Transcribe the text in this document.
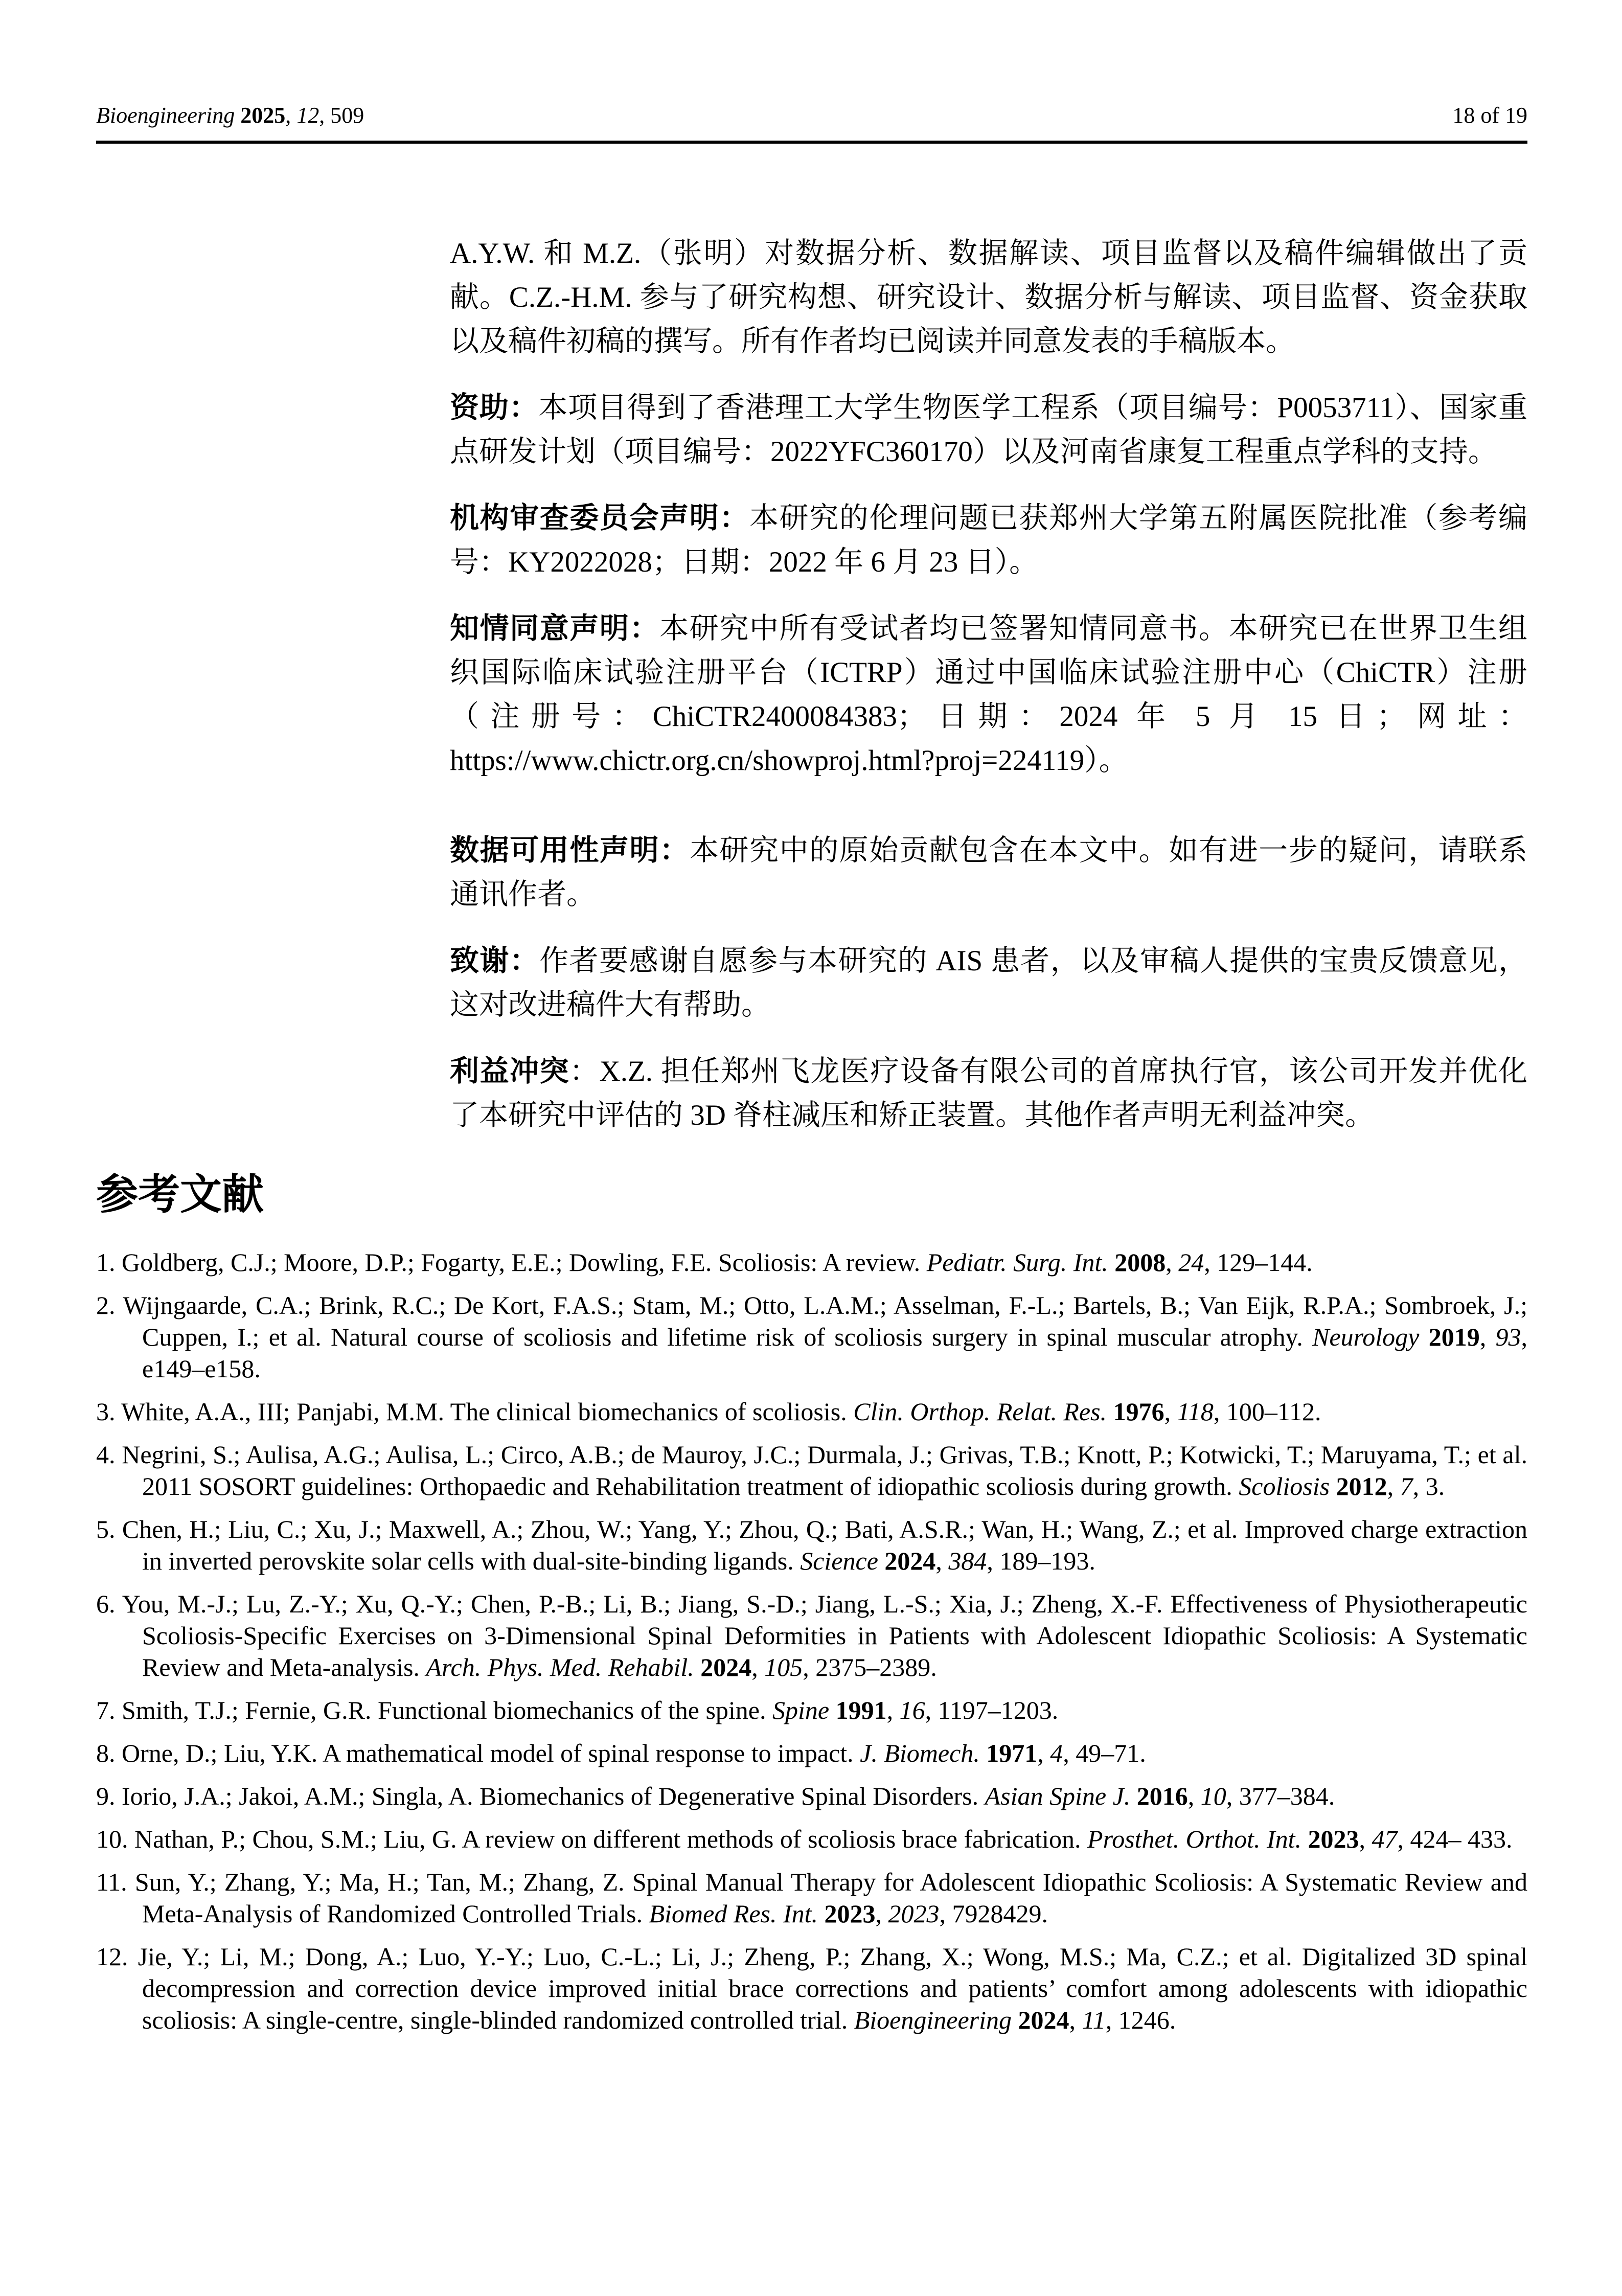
Bioengineering 2025, 12, 509	18 of 19

A.Y.W. 和 M.Z.（张明）对数据分析、数据解读、项目监督以及稿件编辑做出了贡献。C.Z.-H.M. 参与了研究构想、研究设计、数据分析与解读、项目监督、资金获取以及稿件初稿的撰写。所有作者均已阅读并同意发表的手稿版本。

资助：本项目得到了香港理工大学生物医学工程系（项目编号：P0053711）、国家重点研发计划（项目编号：2022YFC360170）以及河南省康复工程重点学科的支持。

机构审查委员会声明：本研究的伦理问题已获郑州大学第五附属医院批准（参考编号：KY2022028；日期：2022 年 6 月 23 日）。

知情同意声明：本研究中所有受试者均已签署知情同意书。本研究已在世界卫生组织国际临床试验注册平台（ICTRP）通过中国临床试验注册中心（ChiCTR）注册（注册号：ChiCTR2400084383；日期：2024 年 5 月 15 日；网址：https://www.chictr.org.cn/showproj.html?proj=224119）。

数据可用性声明：本研究中的原始贡献包含在本文中。如有进一步的疑问，请联系通讯作者。

致谢：作者要感谢自愿参与本研究的 AIS 患者，以及审稿人提供的宝贵反馈意见，这对改进稿件大有帮助。

利益冲突：X.Z. 担任郑州飞龙医疗设备有限公司的首席执行官，该公司开发并优化了本研究中评估的 3D 脊柱减压和矫正装置。其他作者声明无利益冲突。

参考文献
1. Goldberg, C.J.; Moore, D.P.; Fogarty, E.E.; Dowling, F.E. Scoliosis: A review. Pediatr. Surg. Int. 2008, 24, 129–144.
2. Wijngaarde, C.A.; Brink, R.C.; De Kort, F.A.S.; Stam, M.; Otto, L.A.M.; Asselman, F.-L.; Bartels, B.; Van Eijk, R.P.A.; Sombroek, J.; Cuppen, I.; et al. Natural course of scoliosis and lifetime risk of scoliosis surgery in spinal muscular atrophy. Neurology 2019, 93, e149–e158.
3. White, A.A., III; Panjabi, M.M. The clinical biomechanics of scoliosis. Clin. Orthop. Relat. Res. 1976, 118, 100–112.
4. Negrini, S.; Aulisa, A.G.; Aulisa, L.; Circo, A.B.; de Mauroy, J.C.; Durmala, J.; Grivas, T.B.; Knott, P.; Kotwicki, T.; Maruyama, T.; et al. 2011 SOSORT guidelines: Orthopaedic and Rehabilitation treatment of idiopathic scoliosis during growth. Scoliosis 2012, 7, 3.
5. Chen, H.; Liu, C.; Xu, J.; Maxwell, A.; Zhou, W.; Yang, Y.; Zhou, Q.; Bati, A.S.R.; Wan, H.; Wang, Z.; et al. Improved charge extraction in inverted perovskite solar cells with dual-site-binding ligands. Science 2024, 384, 189–193.
6. You, M.-J.; Lu, Z.-Y.; Xu, Q.-Y.; Chen, P.-B.; Li, B.; Jiang, S.-D.; Jiang, L.-S.; Xia, J.; Zheng, X.-F. Effectiveness of Physiotherapeutic Scoliosis-Specific Exercises on 3-Dimensional Spinal Deformities in Patients with Adolescent Idiopathic Scoliosis: A Systematic Review and Meta-analysis. Arch. Phys. Med. Rehabil. 2024, 105, 2375–2389.
7. Smith, T.J.; Fernie, G.R. Functional biomechanics of the spine. Spine 1991, 16, 1197–1203.
8. Orne, D.; Liu, Y.K. A mathematical model of spinal response to impact. J. Biomech. 1971, 4, 49–71.
9. Iorio, J.A.; Jakoi, A.M.; Singla, A. Biomechanics of Degenerative Spinal Disorders. Asian Spine J. 2016, 10, 377–384.
10. Nathan, P.; Chou, S.M.; Liu, G. A review on different methods of scoliosis brace fabrication. Prosthet. Orthot. Int. 2023, 47, 424– 433.
11. Sun, Y.; Zhang, Y.; Ma, H.; Tan, M.; Zhang, Z. Spinal Manual Therapy for Adolescent Idiopathic Scoliosis: A Systematic Review and Meta-Analysis of Randomized Controlled Trials. Biomed Res. Int. 2023, 2023, 7928429.
12. Jie, Y.; Li, M.; Dong, A.; Luo, Y.-Y.; Luo, C.-L.; Li, J.; Zheng, P.; Zhang, X.; Wong, M.S.; Ma, C.Z.; et al. Digitalized 3D spinal decompression and correction device improved initial brace corrections and patients’ comfort among adolescents with idiopathic scoliosis: A single-centre, single-blinded randomized controlled trial. Bioengineering 2024, 11, 1246.
